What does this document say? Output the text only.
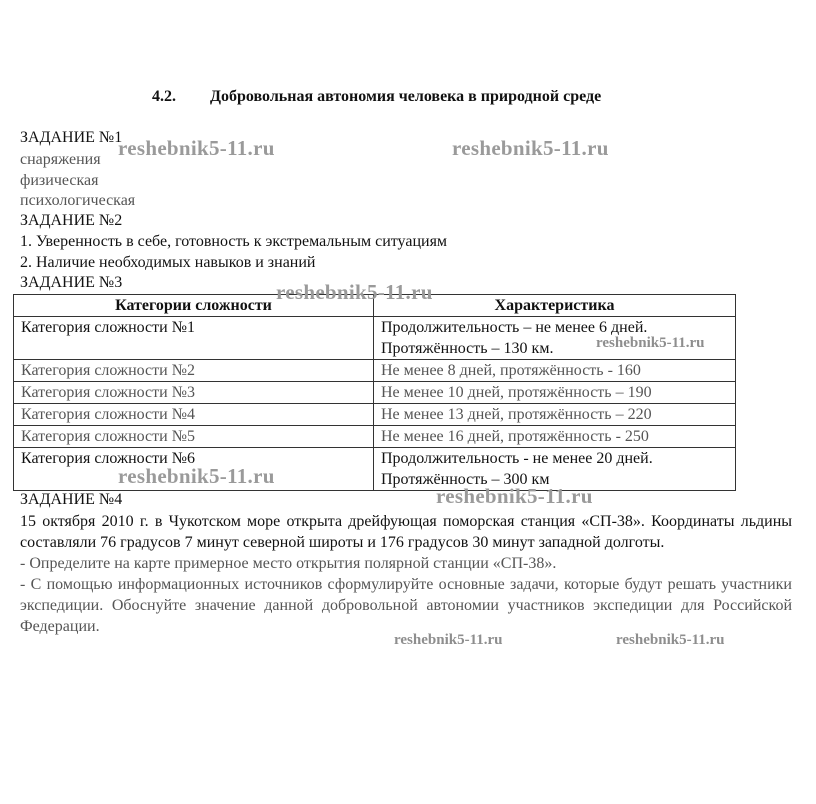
4.2. Добровольная автономия человека в природной среде
ЗАДАНИЕ №1
снаряжения
физическая
психологическая
ЗАДАНИЕ №2
1. Уверенность в себе, готовность к экстремальным ситуациям
2. Наличие необходимых навыков и знаний
ЗАДАНИЕ №3
Категории сложности	Характеристика
Категория сложности №1	Продолжительность – не менее 6 дней.
Протяжённость – 130 км.

Категория сложности №2	Не менее 8 дней, протяжённость - 160
Категория сложности №3	Не менее 10 дней, протяжённость – 190
Категория сложности №4	Не менее 13 дней, протяжённость – 220
Категория сложности №5	Не менее 16 дней, протяжённость - 250
Категория сложности №6	Продолжительность - не менее 20 дней.
Протяжённость – 300 км
ЗАДАНИЕ №4

15 октября 2010 г. в Чукотском море открыта дрейфующая поморская станция «СП-38». Координаты льдины составляли 76 градусов 7 минут северной широты и 176 градусов 30 минут западной долготы.

- Определите на карте примерное место открытия полярной станции «СП-38».

- С помощью информационных источников сформулируйте основные задачи, которые будут решать участники экспедиции. Обоснуйте значение данной добровольной автономии участников экспедиции для Российской Федерации.

reshebnik5-11.ru	reshebnik5-11.ru
reshebnik5-11.ru
reshebnik5-11.ru
reshebnik5-11.ru
reshebnik5-11.ru
reshebnik5-11.ru	reshebnik5-11.ru
